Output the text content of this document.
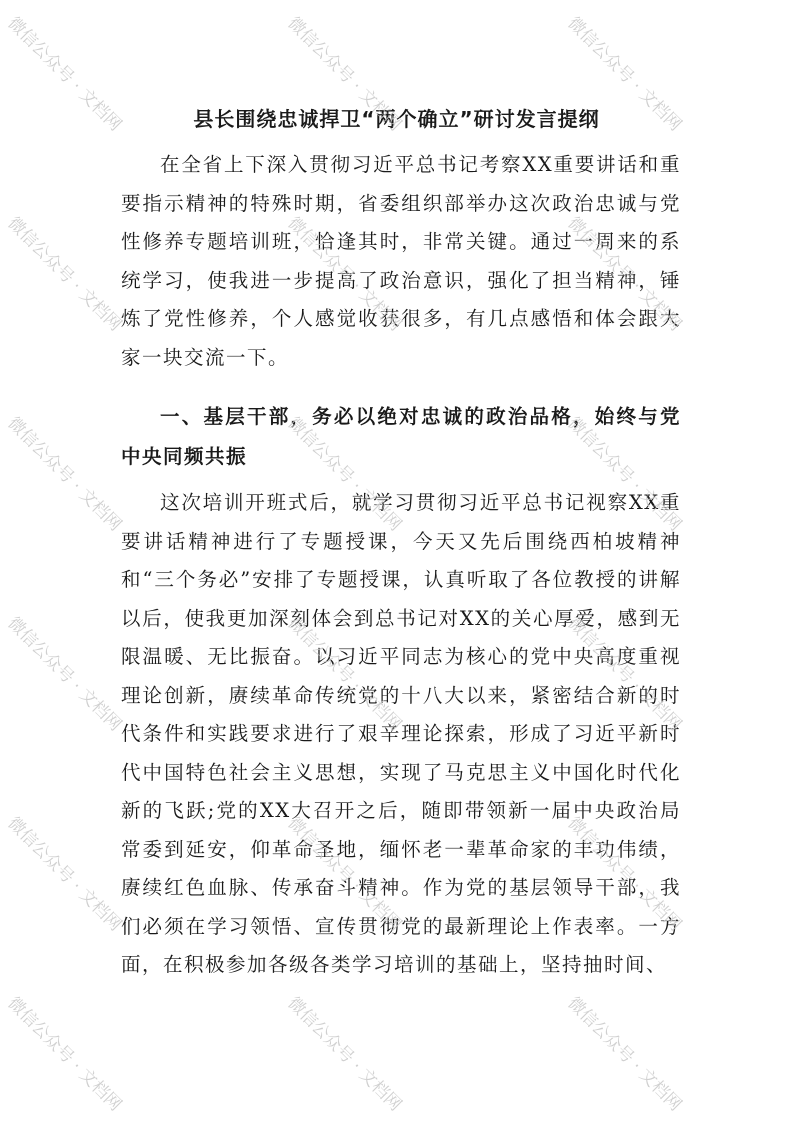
县长围绕忠诚捍卫“两个确立”研讨发言提纲
在全省上下深入贯彻习近平总书记考察XX重要讲话和重要指示精神的特殊时期，省委组织部举办这次政治忠诚与党性修养专题培训班，恰逢其时，非常关键。通过一周来的系统学习，使我进一步提高了政治意识，强化了担当精神，锤炼了党性修养，个人感觉收获很多，有几点感悟和体会跟大家一块交流一下。
一、基层干部，务必以绝对忠诚的政治品格，始终与党中央同频共振
这次培训开班式后，就学习贯彻习近平总书记视察XX重要讲话精神进行了专题授课，今天又先后围绕西柏坡精神和“三个务必”安排了专题授课，认真听取了各位教授的讲解以后，使我更加深刻体会到总书记对XX的关心厚爱，感到无限温暖、无比振奋。以习近平同志为核心的党中央高度重视理论创新，赓续革命传统党的十八大以来，紧密结合新的时代条件和实践要求进行了艰辛理论探索，形成了习近平新时代中国特色社会主义思想，实现了马克思主义中国化时代化新的飞跃;党的XX大召开之后，随即带领新一届中央政治局常委到延安，仰革命圣地，缅怀老一辈革命家的丰功伟绩，赓续红色血脉、传承奋斗精神。作为党的基层领导干部，我们必须在学习领悟、宣传贯彻党的最新理论上作表率。一方面，在积极参加各级各类学习培训的基础上，坚持抽时间、
微信公众号 · 文档网	微信公众号 · 文档网	微信公众号 · 文档网
微信公众号 · 文档网	微信公众号 · 文档网	微信公众号 · 文档网
微信公众号 · 文档网	微信公众号 · 文档网	微信公众号 · 文档网
微信公众号 · 文档网	微信公众号 · 文档网	微信公众号 · 文档网
微信公众号 · 文档网	微信公众号 · 文档网	微信公众号 · 文档网
微信公众号 · 文档网	微信公众号 · 文档网	微信公众号 · 文档网
